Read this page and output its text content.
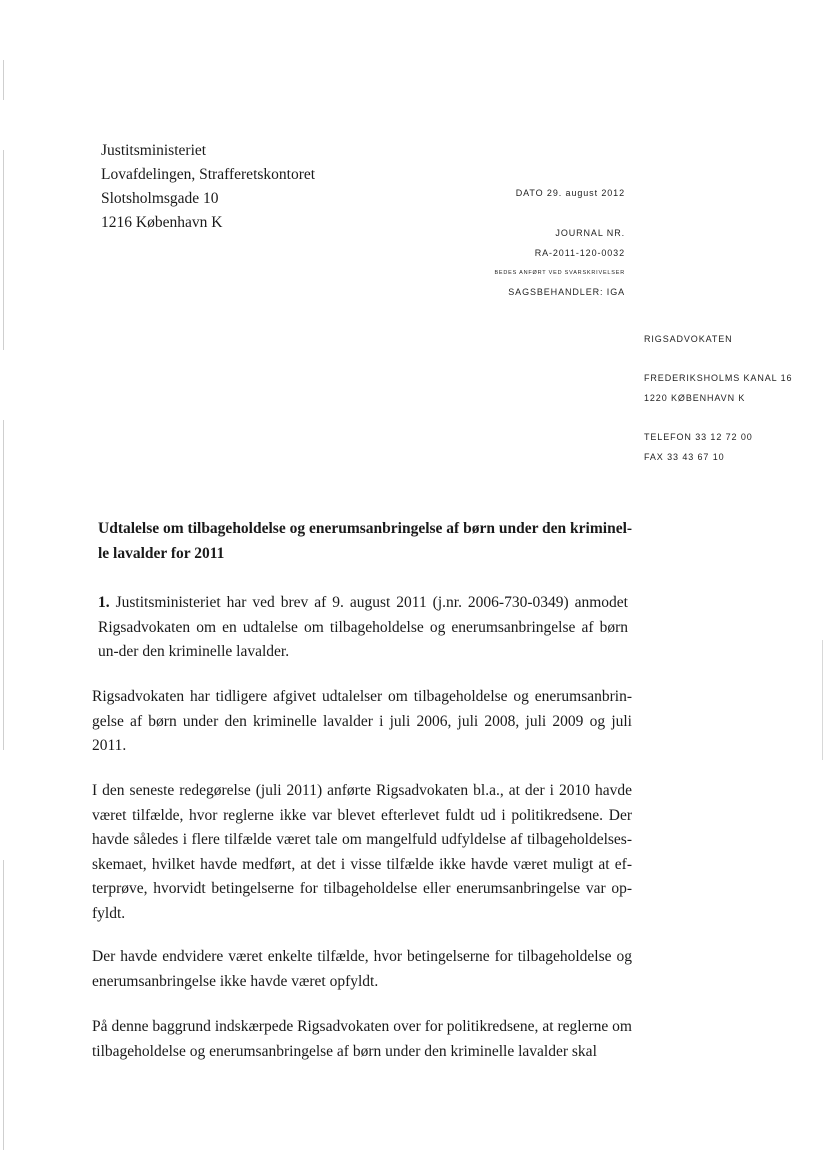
Justitsministeriet
Lovafdelingen, Strafferetskontoret
Slotsholmsgade 10
1216 København K
DATO 29. august 2012
JOURNAL NR.
RA-2011-120-0032
BEDES ANFØRT VED SVARSKRIVELSER
SAGSBEHANDLER: IGA
RIGSADVOKATEN
FREDERIKSHOLMS KANAL 16
1220 KØBENHAVN K
TELEFON 33 12 72 00
FAX 33 43 67 10
Udtalelse om tilbageholdelse og enerumsanbringelse af børn under den kriminel-le lavalder for 2011
1. Justitsministeriet har ved brev af 9. august 2011 (j.nr. 2006-730-0349) anmodet Rigsadvokaten om en udtalelse om tilbageholdelse og enerumsanbringelse af børn un-der den kriminelle lavalder.
Rigsadvokaten har tidligere afgivet udtalelser om tilbageholdelse og enerumsanbrin-gelse af børn under den kriminelle lavalder i juli 2006, juli 2008, juli 2009 og juli 2011.
I den seneste redegørelse (juli 2011) anførte Rigsadvokaten bl.a., at der i 2010 havde været tilfælde, hvor reglerne ikke var blevet efterlevet fuldt ud i politikredsene. Der havde således i flere tilfælde været tale om mangelfuld udfyldelse af tilbageholdelses-skemaet, hvilket havde medført, at det i visse tilfælde ikke havde været muligt at ef-terprøve, hvorvidt betingelserne for tilbageholdelse eller enerumsanbringelse var op-fyldt.
Der havde endvidere været enkelte tilfælde, hvor betingelserne for tilbageholdelse og enerumsanbringelse ikke havde været opfyldt.
På denne baggrund indskærpede Rigsadvokaten over for politikredsene, at reglerne om tilbageholdelse og enerumsanbringelse af børn under den kriminelle lavalder skal
